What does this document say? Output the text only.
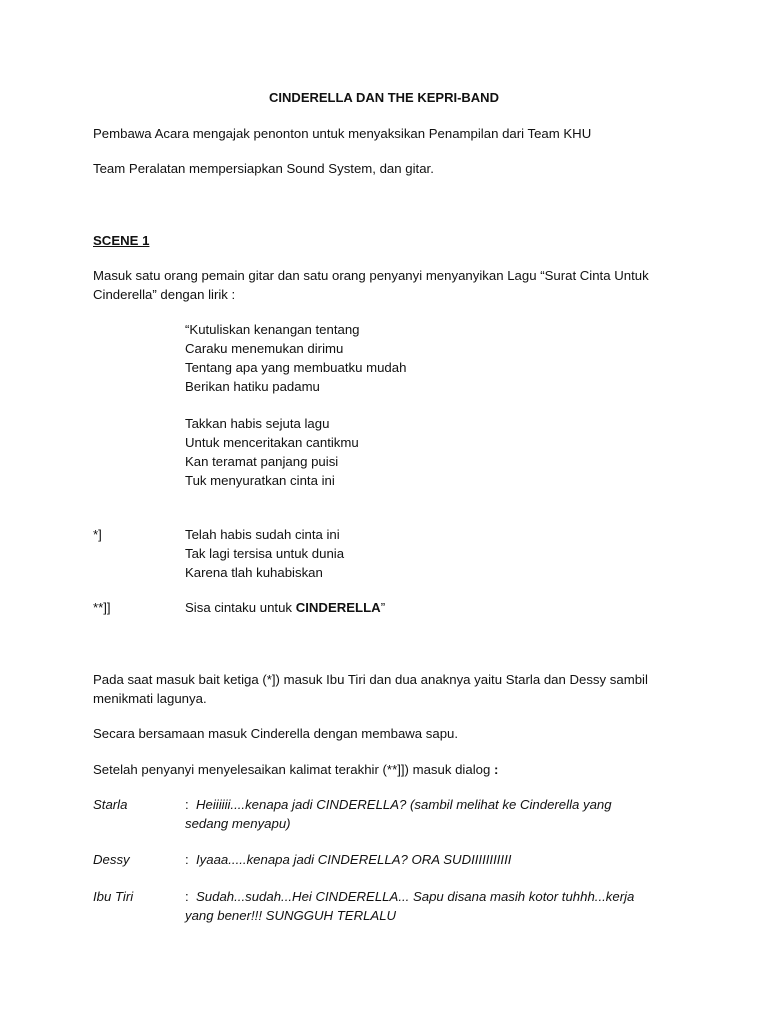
CINDERELLA DAN THE KEPRI-BAND
Pembawa Acara mengajak penonton untuk menyaksikan Penampilan dari Team KHU
Team Peralatan mempersiapkan Sound System, dan gitar.
SCENE 1
Masuk satu orang pemain gitar dan satu orang penyanyi menyanyikan Lagu “Surat Cinta Untuk Cinderella” dengan lirik :
“Kutuliskan kenangan tentang
Caraku menemukan dirimu
Tentang apa yang membuatku mudah
Berikan hatiku padamu
Takkan habis sejuta lagu
Untuk menceritakan cantikmu
Kan teramat panjang puisi
Tuk menyuratkan cinta ini
*]	Telah habis sudah cinta ini
Tak lagi tersisa untuk dunia
Karena tlah kuhabiskan
**]]	Sisa cintaku untuk CINDERELLA”
Pada saat masuk bait ketiga (*]) masuk Ibu Tiri dan dua anaknya yaitu Starla dan Dessy sambil menikmati lagunya.
Secara bersamaan masuk Cinderella dengan membawa sapu.
Setelah penyanyi menyelesaikan kalimat terakhir (**]]) masuk dialog :
Starla	:  Heiiiiii....kenapa jadi CINDERELLA? (sambil melihat ke Cinderella yang sedang menyapu)
Dessy	:  Iyaaa.....kenapa jadi CINDERELLA? ORA SUDIIIIIIIIIII
Ibu Tiri	:  Sudah...sudah...Hei CINDERELLA... Sapu disana masih kotor tuhhh...kerja yang bener!!! SUNGGUH TERLALU
